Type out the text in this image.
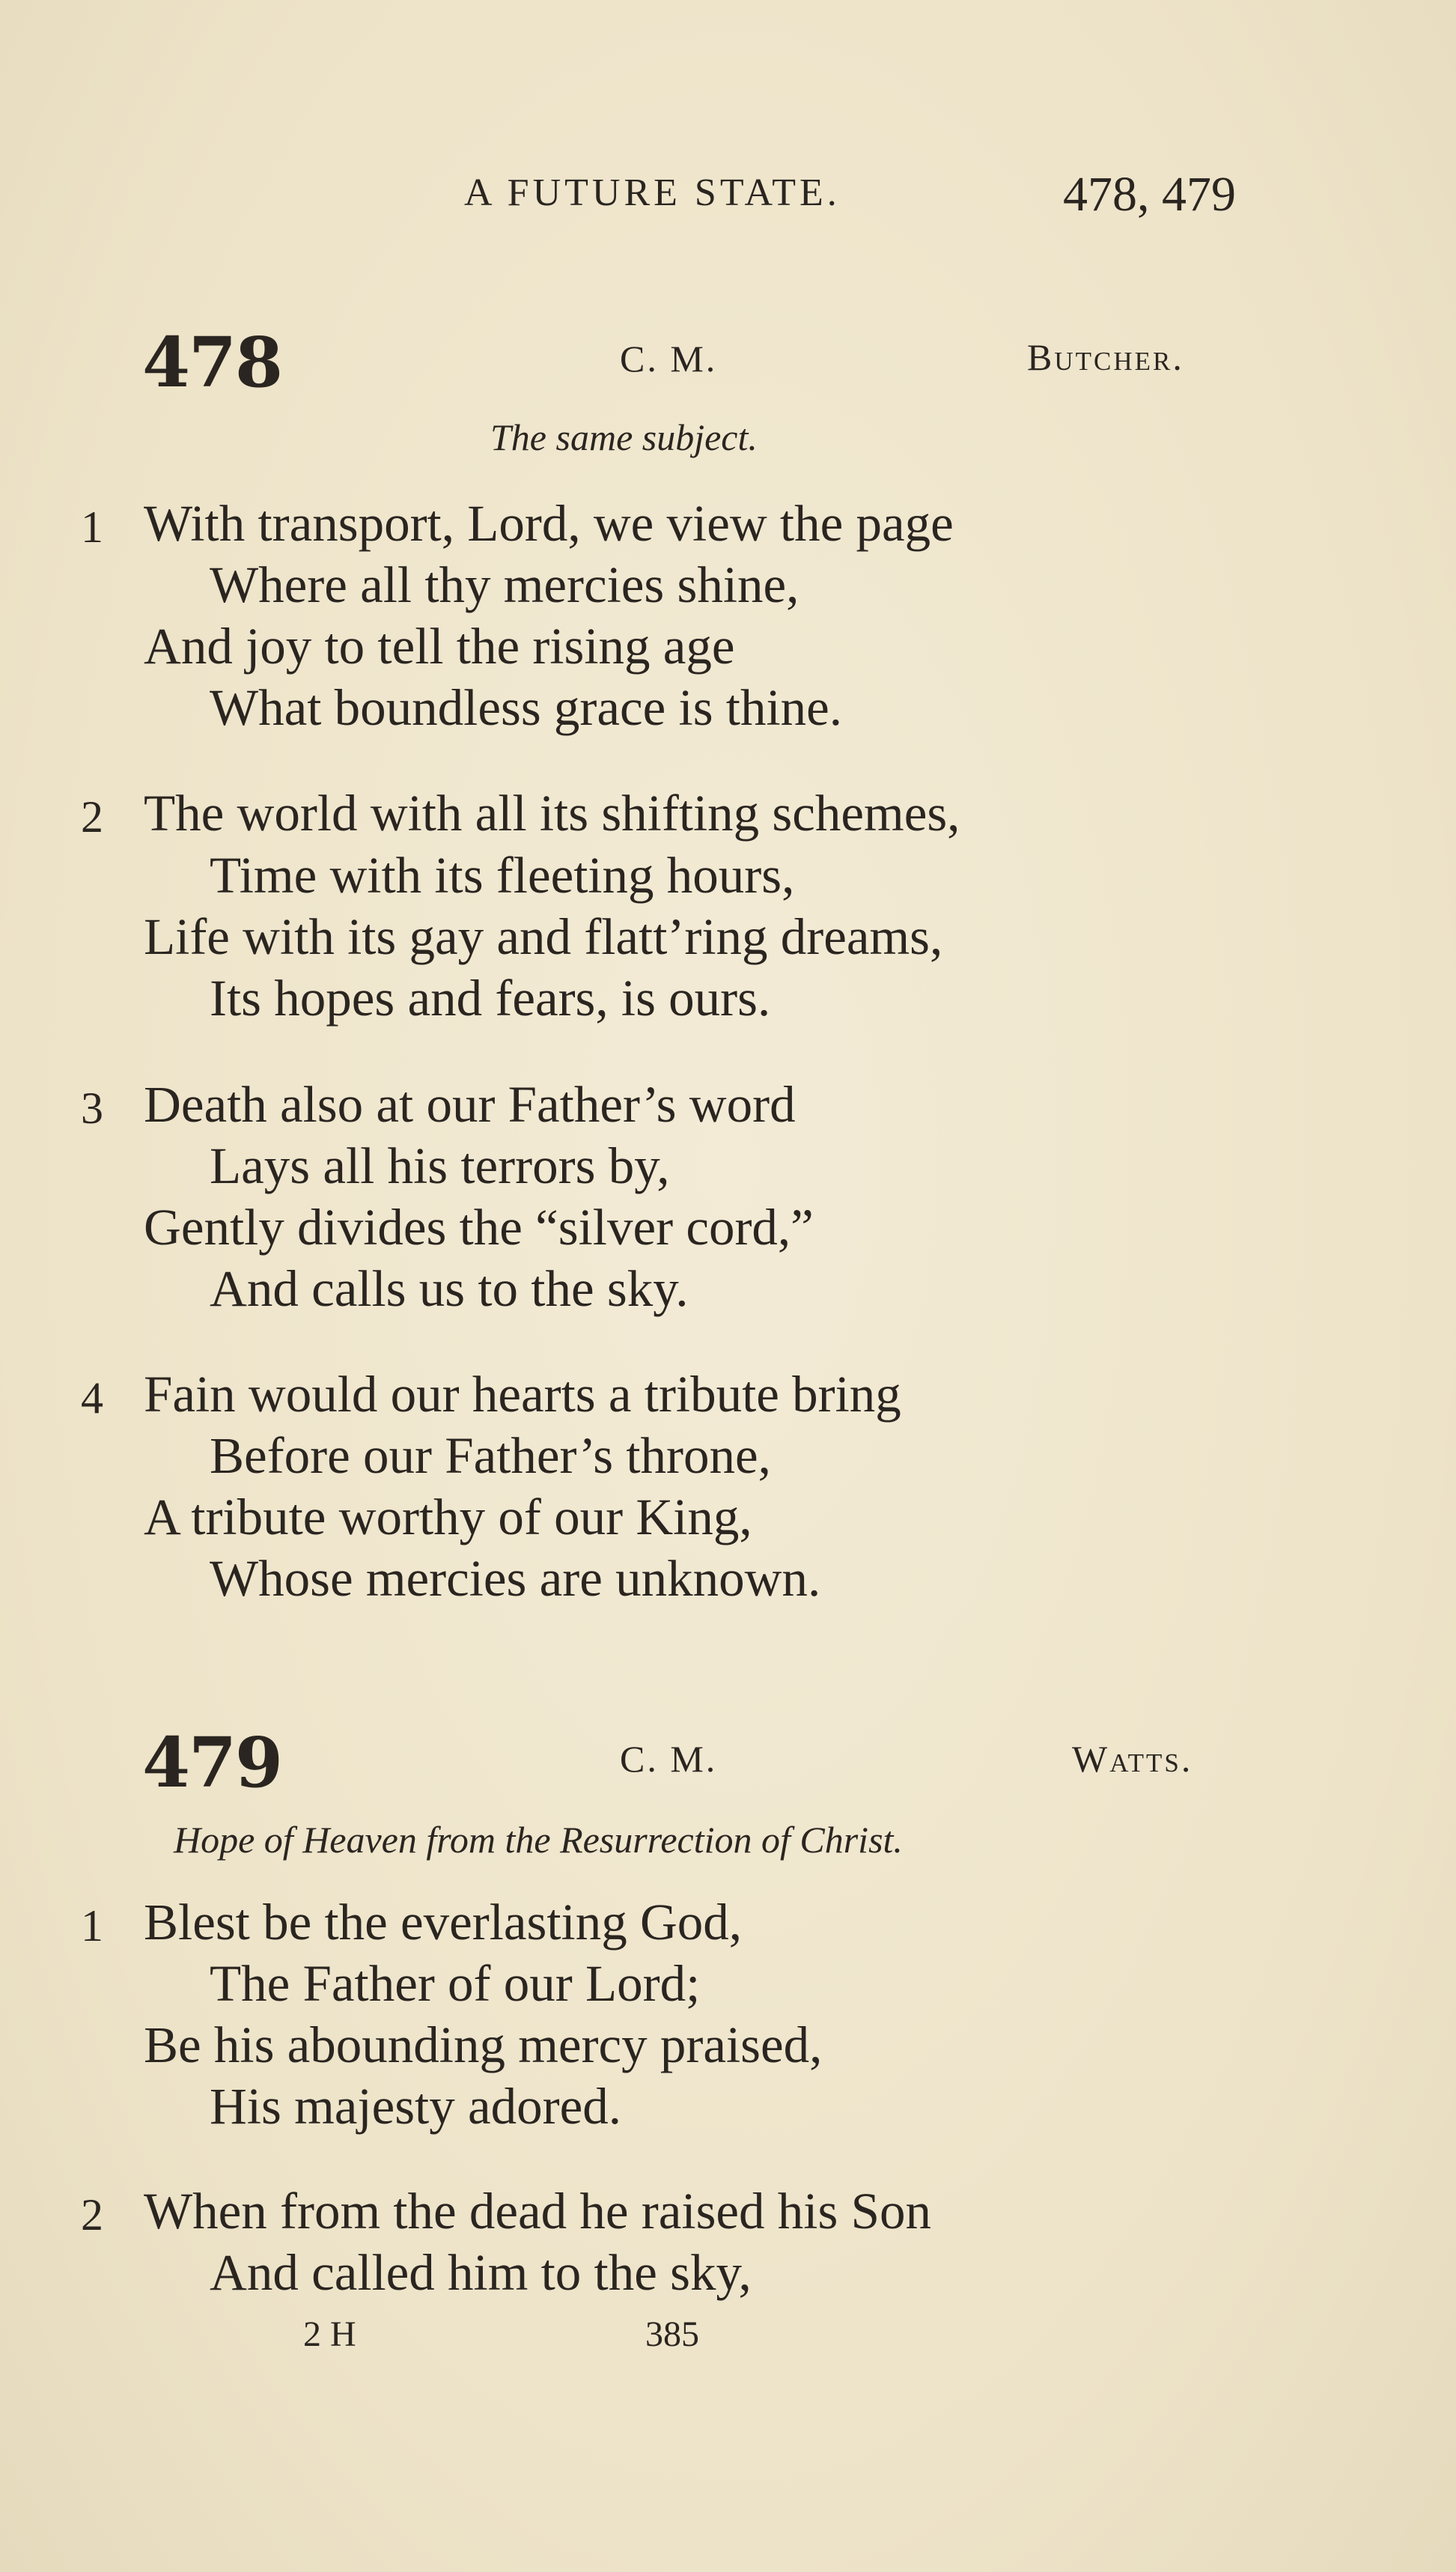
A FUTURE STATE.	478, 479
478	C. M.	Butcher.
The same subject.
1 With transport, Lord, we view the page
Where all thy mercies shine,
And joy to tell the rising age
What boundless grace is thine.
2 The world with all its shifting schemes,
Time with its fleeting hours,
Life with its gay and flatt’ring dreams,
Its hopes and fears, is ours.
3 Death also at our Father’s word
Lays all his terrors by,
Gently divides the “silver cord,”
And calls us to the sky.
4 Fain would our hearts a tribute bring
Before our Father’s throne,
A tribute worthy of our King,
Whose mercies are unknown.
479	C. M.	Watts.
Hope of Heaven from the Resurrection of Christ.
1 Blest be the everlasting God,
The Father of our Lord;
Be his abounding mercy praised,
His majesty adored.
2 When from the dead he raised his Son
And called him to the sky,
2 H	385
